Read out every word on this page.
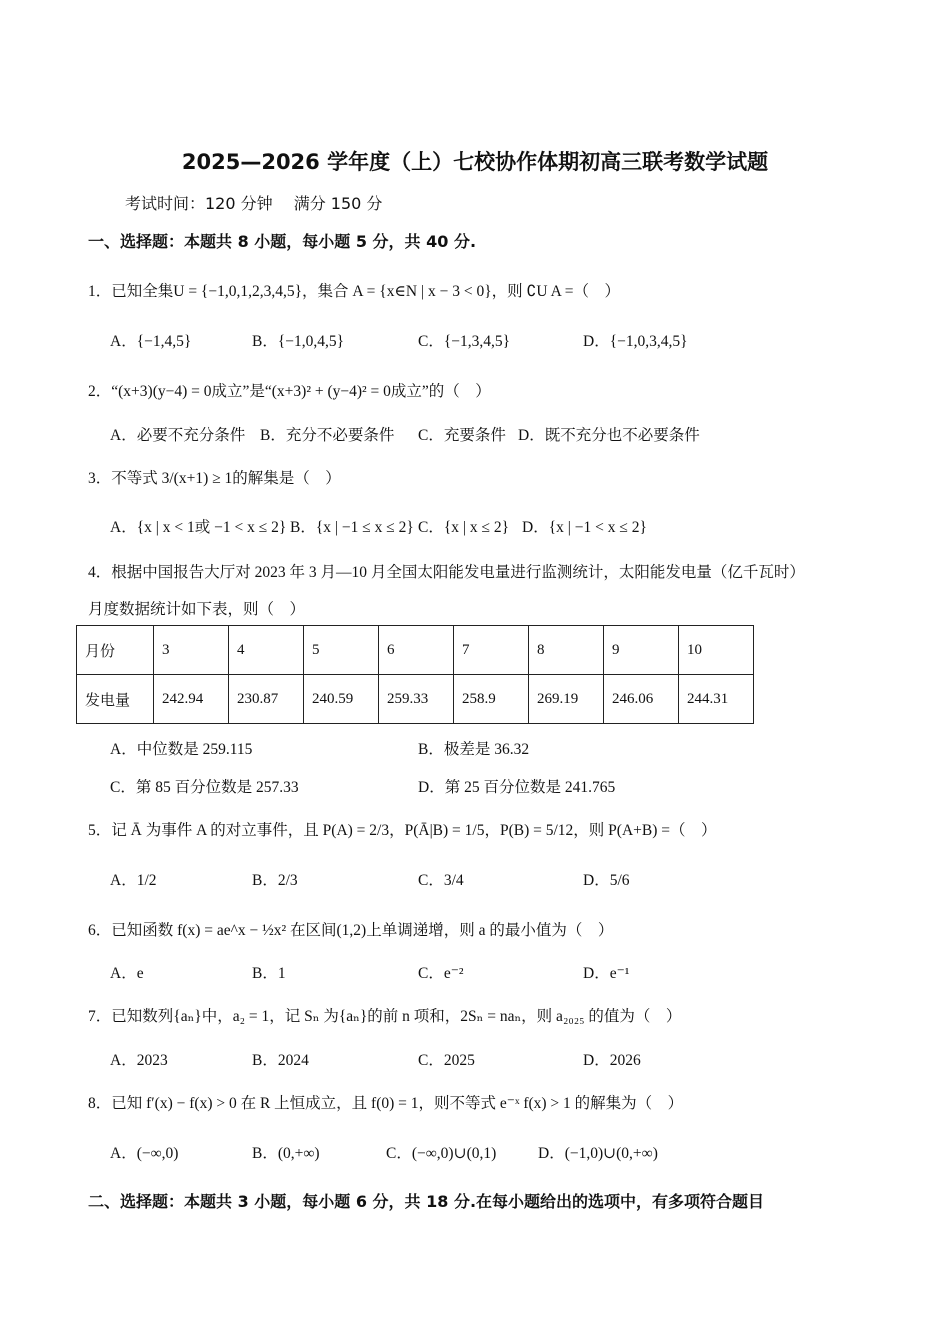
2025—2026 学年度（上）七校协作体期初高三联考数学试题
考试时间：120 分钟　 满分 150 分
一、选择题：本题共 8 小题，每小题 5 分，共 40 分.
1．已知全集U = {−1,0,1,2,3,4,5}，集合 A = {x∈N | x − 3 < 0}，则 ∁U A =（　）
A．{−1,4,5}	B．{−1,0,4,5}	C．{−1,3,4,5}	D．{−1,0,3,4,5}
2．“(x+3)(y−4) = 0成立”是“(x+3)² + (y−4)² = 0成立”的（　）
A．必要不充分条件 B．充分不必要条件 C．充要条件 D．既不充分也不必要条件
3．不等式 3/(x+1) ≥ 1的解集是（　）
A．{x | x < 1或 −1 < x ≤ 2} B．{x | −1 ≤ x ≤ 2} C．{x | x ≤ 2} D．{x | −1 < x ≤ 2}
4．根据中国报告大厅对 2023 年 3 月—10 月全国太阳能发电量进行监测统计，太阳能发电量（亿千瓦时）
月度数据统计如下表，则（　）
月份	3	4	5	6	7	8	9	10
发电量	242.94	230.87	240.59	259.33	258.9	269.19	246.06	244.31
A．中位数是 259.115	B．极差是 36.32
C．第 85 百分位数是 257.33	D．第 25 百分位数是 241.765
5．记 Ā 为事件 A 的对立事件，且 P(A) = 2/3，P(Ā|B) = 1/5，P(B) = 5/12，则 P(A+B) =（　）
A．1/2	B．2/3	C．3/4	D．5/6
6．已知函数 f(x) = ae^x − ½x² 在区间(1,2)上单调递增，则 a 的最小值为（　）
A．e	B．1	C．e⁻²	D．e⁻¹
7．已知数列{aₙ}中，a₂ = 1，记 Sₙ 为{aₙ}的前 n 项和，2Sₙ = naₙ，则 a₂₀₂₅ 的值为（　）
A．2023	B．2024	C．2025	D．2026
8．已知 f′(x) − f(x) > 0 在 R 上恒成立，且 f(0) = 1，则不等式 e⁻ˣ f(x) > 1 的解集为（　）
A．(−∞,0)	B．(0,+∞)	C．(−∞,0)∪(0,1)	D．(−1,0)∪(0,+∞)
二、选择题：本题共 3 小题，每小题 6 分，共 18 分.在每小题给出的选项中，有多项符合题目
